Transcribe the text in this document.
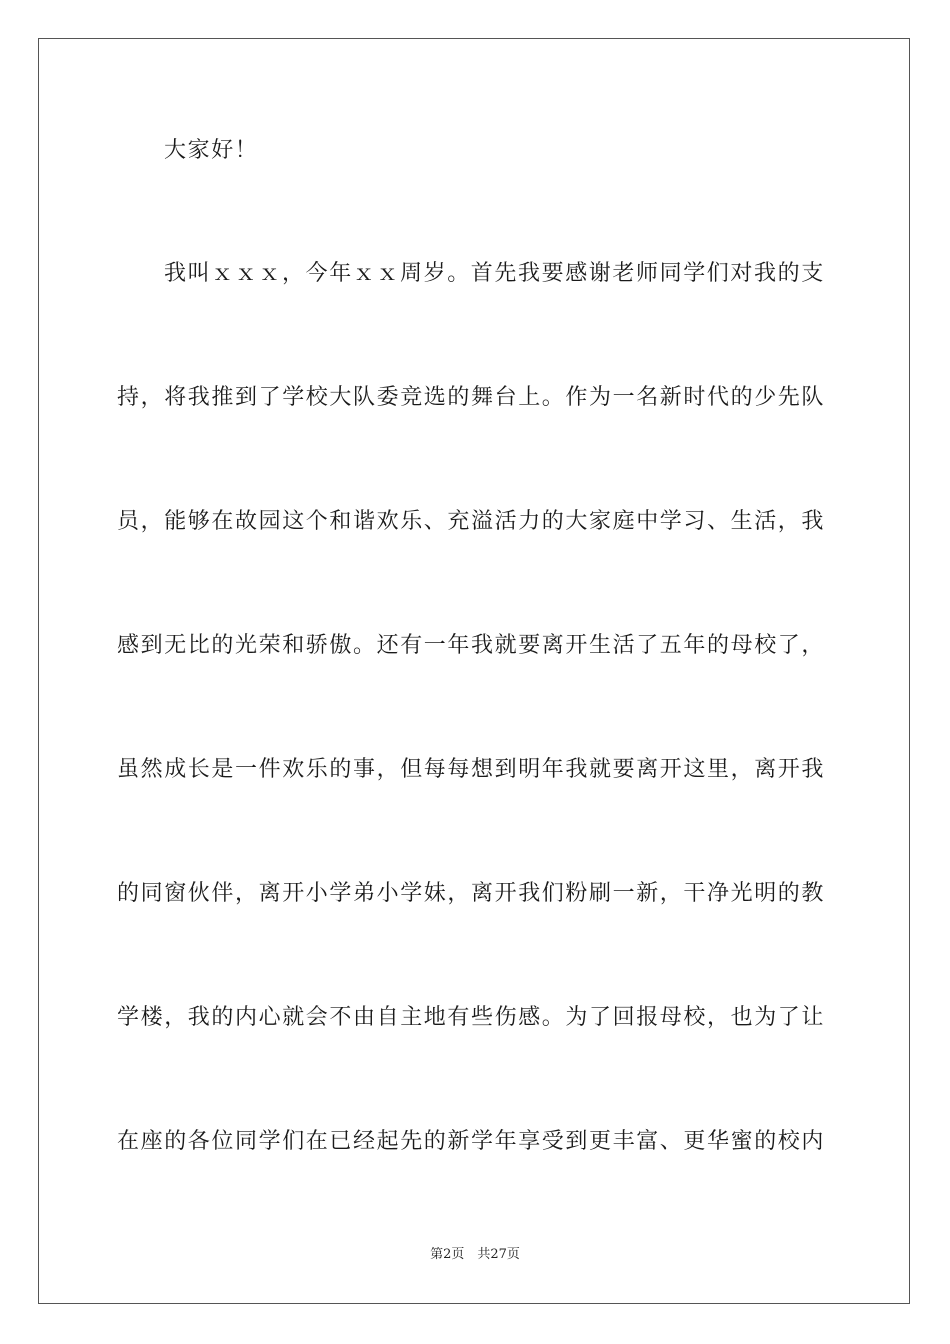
大家好！

我叫ｘｘｘ，今年ｘｘ周岁。首先我要感谢老师同学们对我的支

持，将我推到了学校大队委竞选的舞台上。作为一名新时代的少先队

员，能够在故园这个和谐欢乐、充溢活力的大家庭中学习、生活，我

感到无比的光荣和骄傲。还有一年我就要离开生活了五年的母校了，

虽然成长是一件欢乐的事，但每每想到明年我就要离开这里，离开我

的同窗伙伴，离开小学弟小学妹，离开我们粉刷一新，干净光明的教

学楼，我的内心就会不由自主地有些伤感。为了回报母校，也为了让

在座的各位同学们在已经起先的新学年享受到更丰富、更华蜜的校内

第2页　共27页
